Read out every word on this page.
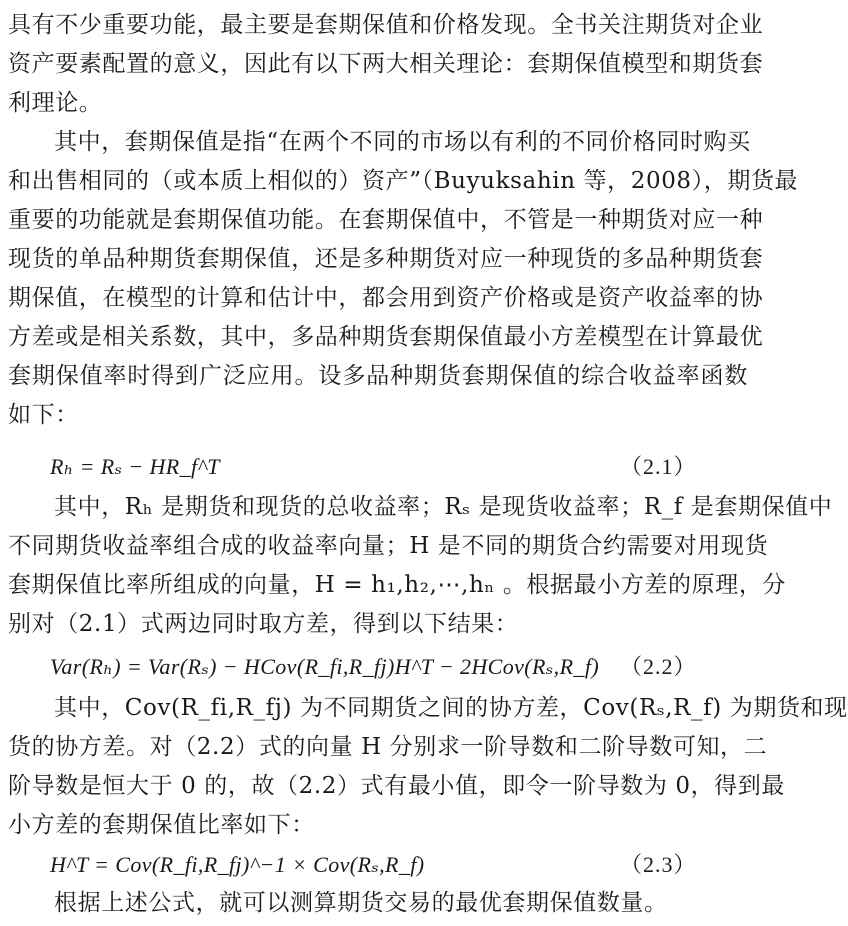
具有不少重要功能，最主要是套期保值和价格发现。全书关注期货对企业
资产要素配置的意义，因此有以下两大相关理论：套期保值模型和期货套
利理论。
其中，套期保值是指“在两个不同的市场以有利的不同价格同时购买
和出售相同的（或本质上相似的）资产”（Buyuksahin 等，2008），期货最
重要的功能就是套期保值功能。在套期保值中，不管是一种期货对应一种
现货的单品种期货套期保值，还是多种期货对应一种现货的多品种期货套
期保值，在模型的计算和估计中，都会用到资产价格或是资产收益率的协
方差或是相关系数，其中，多品种期货套期保值最小方差模型在计算最优
套期保值率时得到广泛应用。设多品种期货套期保值的综合收益率函数
如下：
Rₕ = Rₛ − HR_f^T	（2.1）
其中，Rₕ 是期货和现货的总收益率；Rₛ 是现货收益率；R_f 是套期保值中
不同期货收益率组合成的收益率向量；H 是不同的期货合约需要对用现货
套期保值比率所组成的向量，H = h₁,h₂,⋯,hₙ 。根据最小方差的原理，分
别对（2.1）式两边同时取方差，得到以下结果：
Var(Rₕ) = Var(Rₛ) − HCov(R_fi,R_fj)H^T − 2HCov(Rₛ,R_f) （2.2）
其中，Cov(R_fi,R_fj) 为不同期货之间的协方差，Cov(Rₛ,R_f) 为期货和现
货的协方差。对（2.2）式的向量 H 分别求一阶导数和二阶导数可知，二
阶导数是恒大于 0 的，故（2.2）式有最小值，即令一阶导数为 0，得到最
小方差的套期保值比率如下：
H^T = Cov(R_fi,R_fj)^−1 × Cov(Rₛ,R_f)	（2.3）
根据上述公式，就可以测算期货交易的最优套期保值数量。
